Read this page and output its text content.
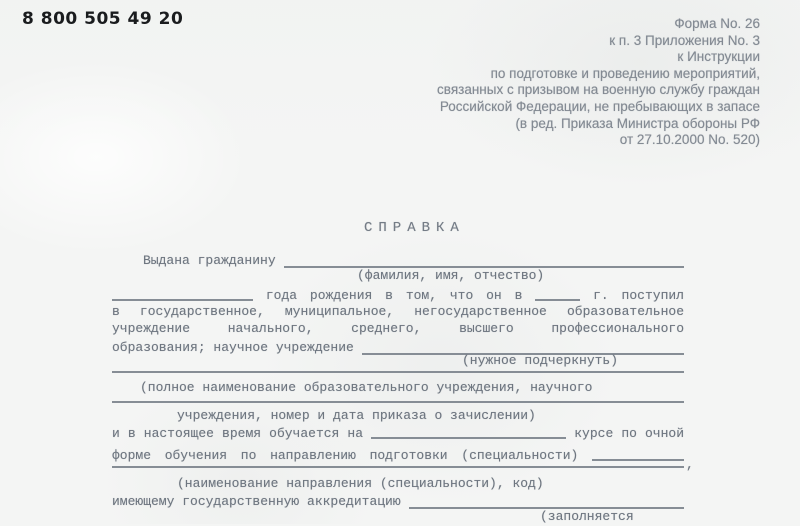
8 800 505 49 20	Форма No. 26
к п. 3 Приложения No. 3
к Инструкции
по подготовке и проведению мероприятий,
связанных с призывом на военную службу граждан
Российской Федерации, не пребывающих в запасе
(в ред. Приказа Министра обороны РФ
от 27.10.2000 No. 520)
СПРАВКА
Выдана гражданину
(фамилия, имя, отчество)
года рождения в том, что он в	г. поступил
в государственное, муниципальное, негосударственное образовательное
учреждение начального, среднего, высшего профессионального
образования; научное учреждение
(нужное подчеркнуть)
(полное наименование образовательного учреждения, научного
учреждения, номер и дата приказа о зачислении)
и в настоящее время обучается на	курсе по очной
форме обучения по направлению подготовки (специальности)
,
(наименование направления (специальности), код)
имеющему государственную аккредитацию
(заполняется
